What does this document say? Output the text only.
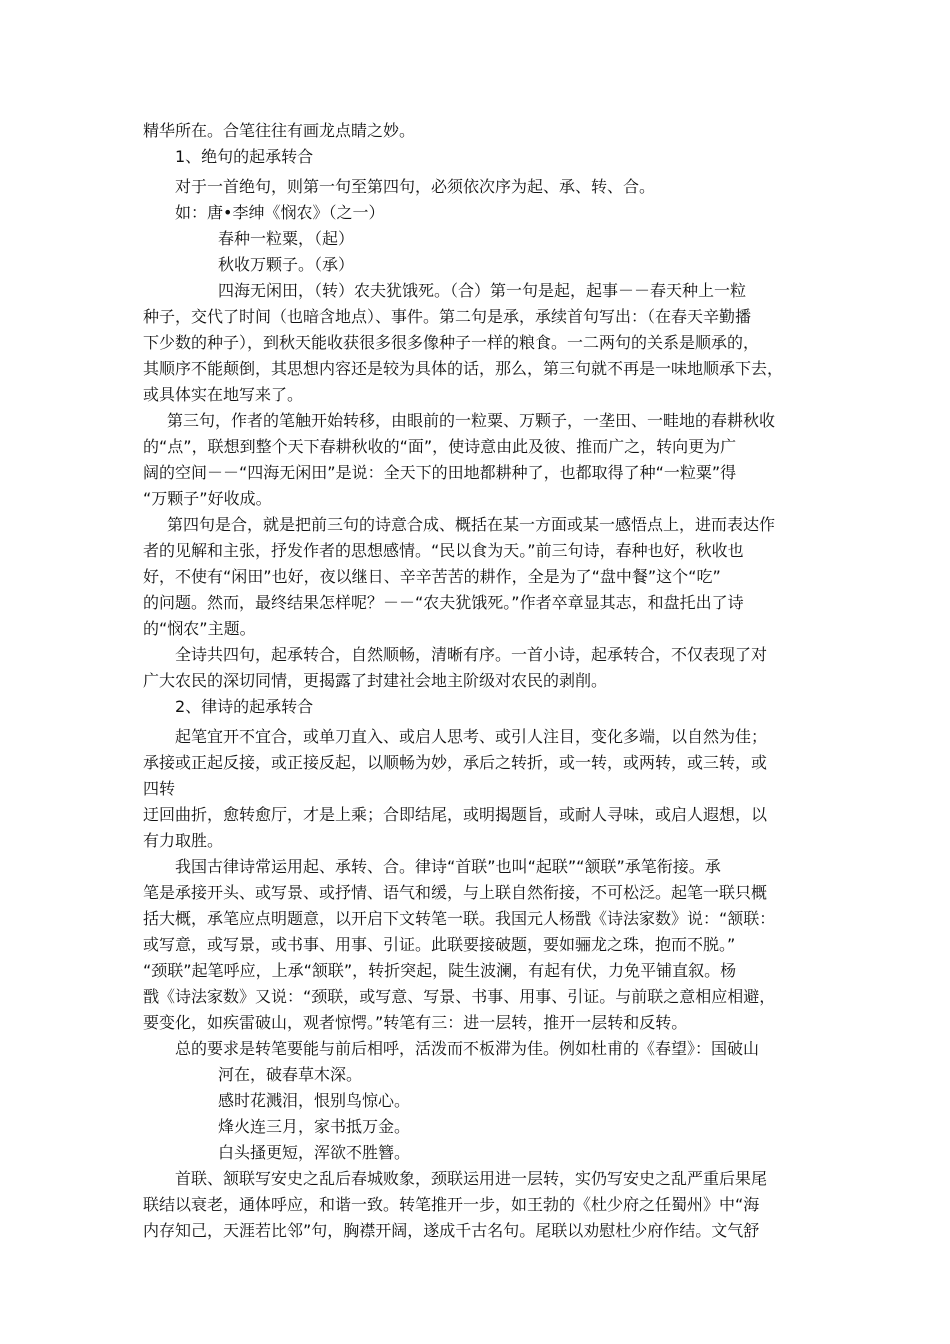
精华所在。合笔往往有画龙点睛之妙。
1、绝句的起承转合
对于一首绝句，则第一句至第四句，必须依次序为起、承、转、合。
如：唐•李绅《悯农》（之一）
春种一粒粟，（起）
秋收万颗子。（承）
四海无闲田，（转）农夫犹饿死。（合）第一句是起，起事－－春天种上一粒
种子，交代了时间（也暗含地点）、事件。第二句是承，承续首句写出：（在春天辛勤播
下少数的种子），到秋天能收获很多很多像种子一样的粮食。一二两句的关系是顺承的，
其顺序不能颠倒，其思想内容还是较为具体的话，那么，第三句就不再是一味地顺承下去，
或具体实在地写来了。
第三句，作者的笔触开始转移，由眼前的一粒粟、万颗子，一垄田、一畦地的春耕秋收
的“点”，联想到整个天下春耕秋收的“面”，使诗意由此及彼、推而广之，转向更为广
阔的空间－－“四海无闲田”是说：全天下的田地都耕种了，也都取得了种“一粒粟”得
“万颗子”好收成。
第四句是合，就是把前三句的诗意合成、概括在某一方面或某一感悟点上，进而表达作
者的见解和主张，抒发作者的思想感情。“民以食为天。”前三句诗，春种也好，秋收也
好，不使有“闲田”也好，夜以继日、辛辛苦苦的耕作，全是为了“盘中餐”这个“吃”
的问题。然而，最终结果怎样呢？－－“农夫犹饿死。”作者卒章显其志，和盘托出了诗
的“悯农”主题。
全诗共四句，起承转合，自然顺畅，清晰有序。一首小诗，起承转合，不仅表现了对
广大农民的深切同情，更揭露了封建社会地主阶级对农民的剥削。
2、律诗的起承转合
起笔宜开不宜合，或单刀直入、或启人思考、或引人注目，变化多端，以自然为佳；
承接或正起反接，或正接反起，以顺畅为妙，承后之转折，或一转，或两转，或三转，或
四转
迂回曲折，愈转愈厅，才是上乘；合即结尾，或明揭题旨，或耐人寻味，或启人遐想，以
有力取胜。
我国古律诗常运用起、承转、合。律诗“首联”也叫“起联”“颔联”承笔衔接。承
笔是承接开头、或写景、或抒情、语气和缓，与上联自然衔接，不可松泛。起笔一联只概
括大概，承笔应点明题意，以开启下文转笔一联。我国元人杨戬《诗法家数》说：“颔联：
或写意，或写景，或书事、用事、引证。此联要接破题，要如骊龙之珠，抱而不脱。”
“颈联”起笔呼应，上承“颔联”，转折突起，陡生波澜，有起有伏，力免平铺直叙。杨
戬《诗法家数》又说：“颈联，或写意、写景、书事、用事、引证。与前联之意相应相避，
要变化，如疾雷破山，观者惊愕。”转笔有三：进一层转，推开一层转和反转。
总的要求是转笔要能与前后相呼，活泼而不板滞为佳。例如杜甫的《春望》：国破山
河在，破春草木深。
感时花溅泪，恨别鸟惊心。
烽火连三月，家书抵万金。
白头搔更短，浑欲不胜簪。
首联、颔联写安史之乱后春城败象，颈联运用进一层转，实仍写安史之乱严重后果尾
联结以衰老，通体呼应，和谐一致。转笔推开一步，如王勃的《杜少府之任蜀州》中“海
内存知己，天涯若比邻”句，胸襟开阔，遂成千古名句。尾联以劝慰杜少府作结。文气舒
